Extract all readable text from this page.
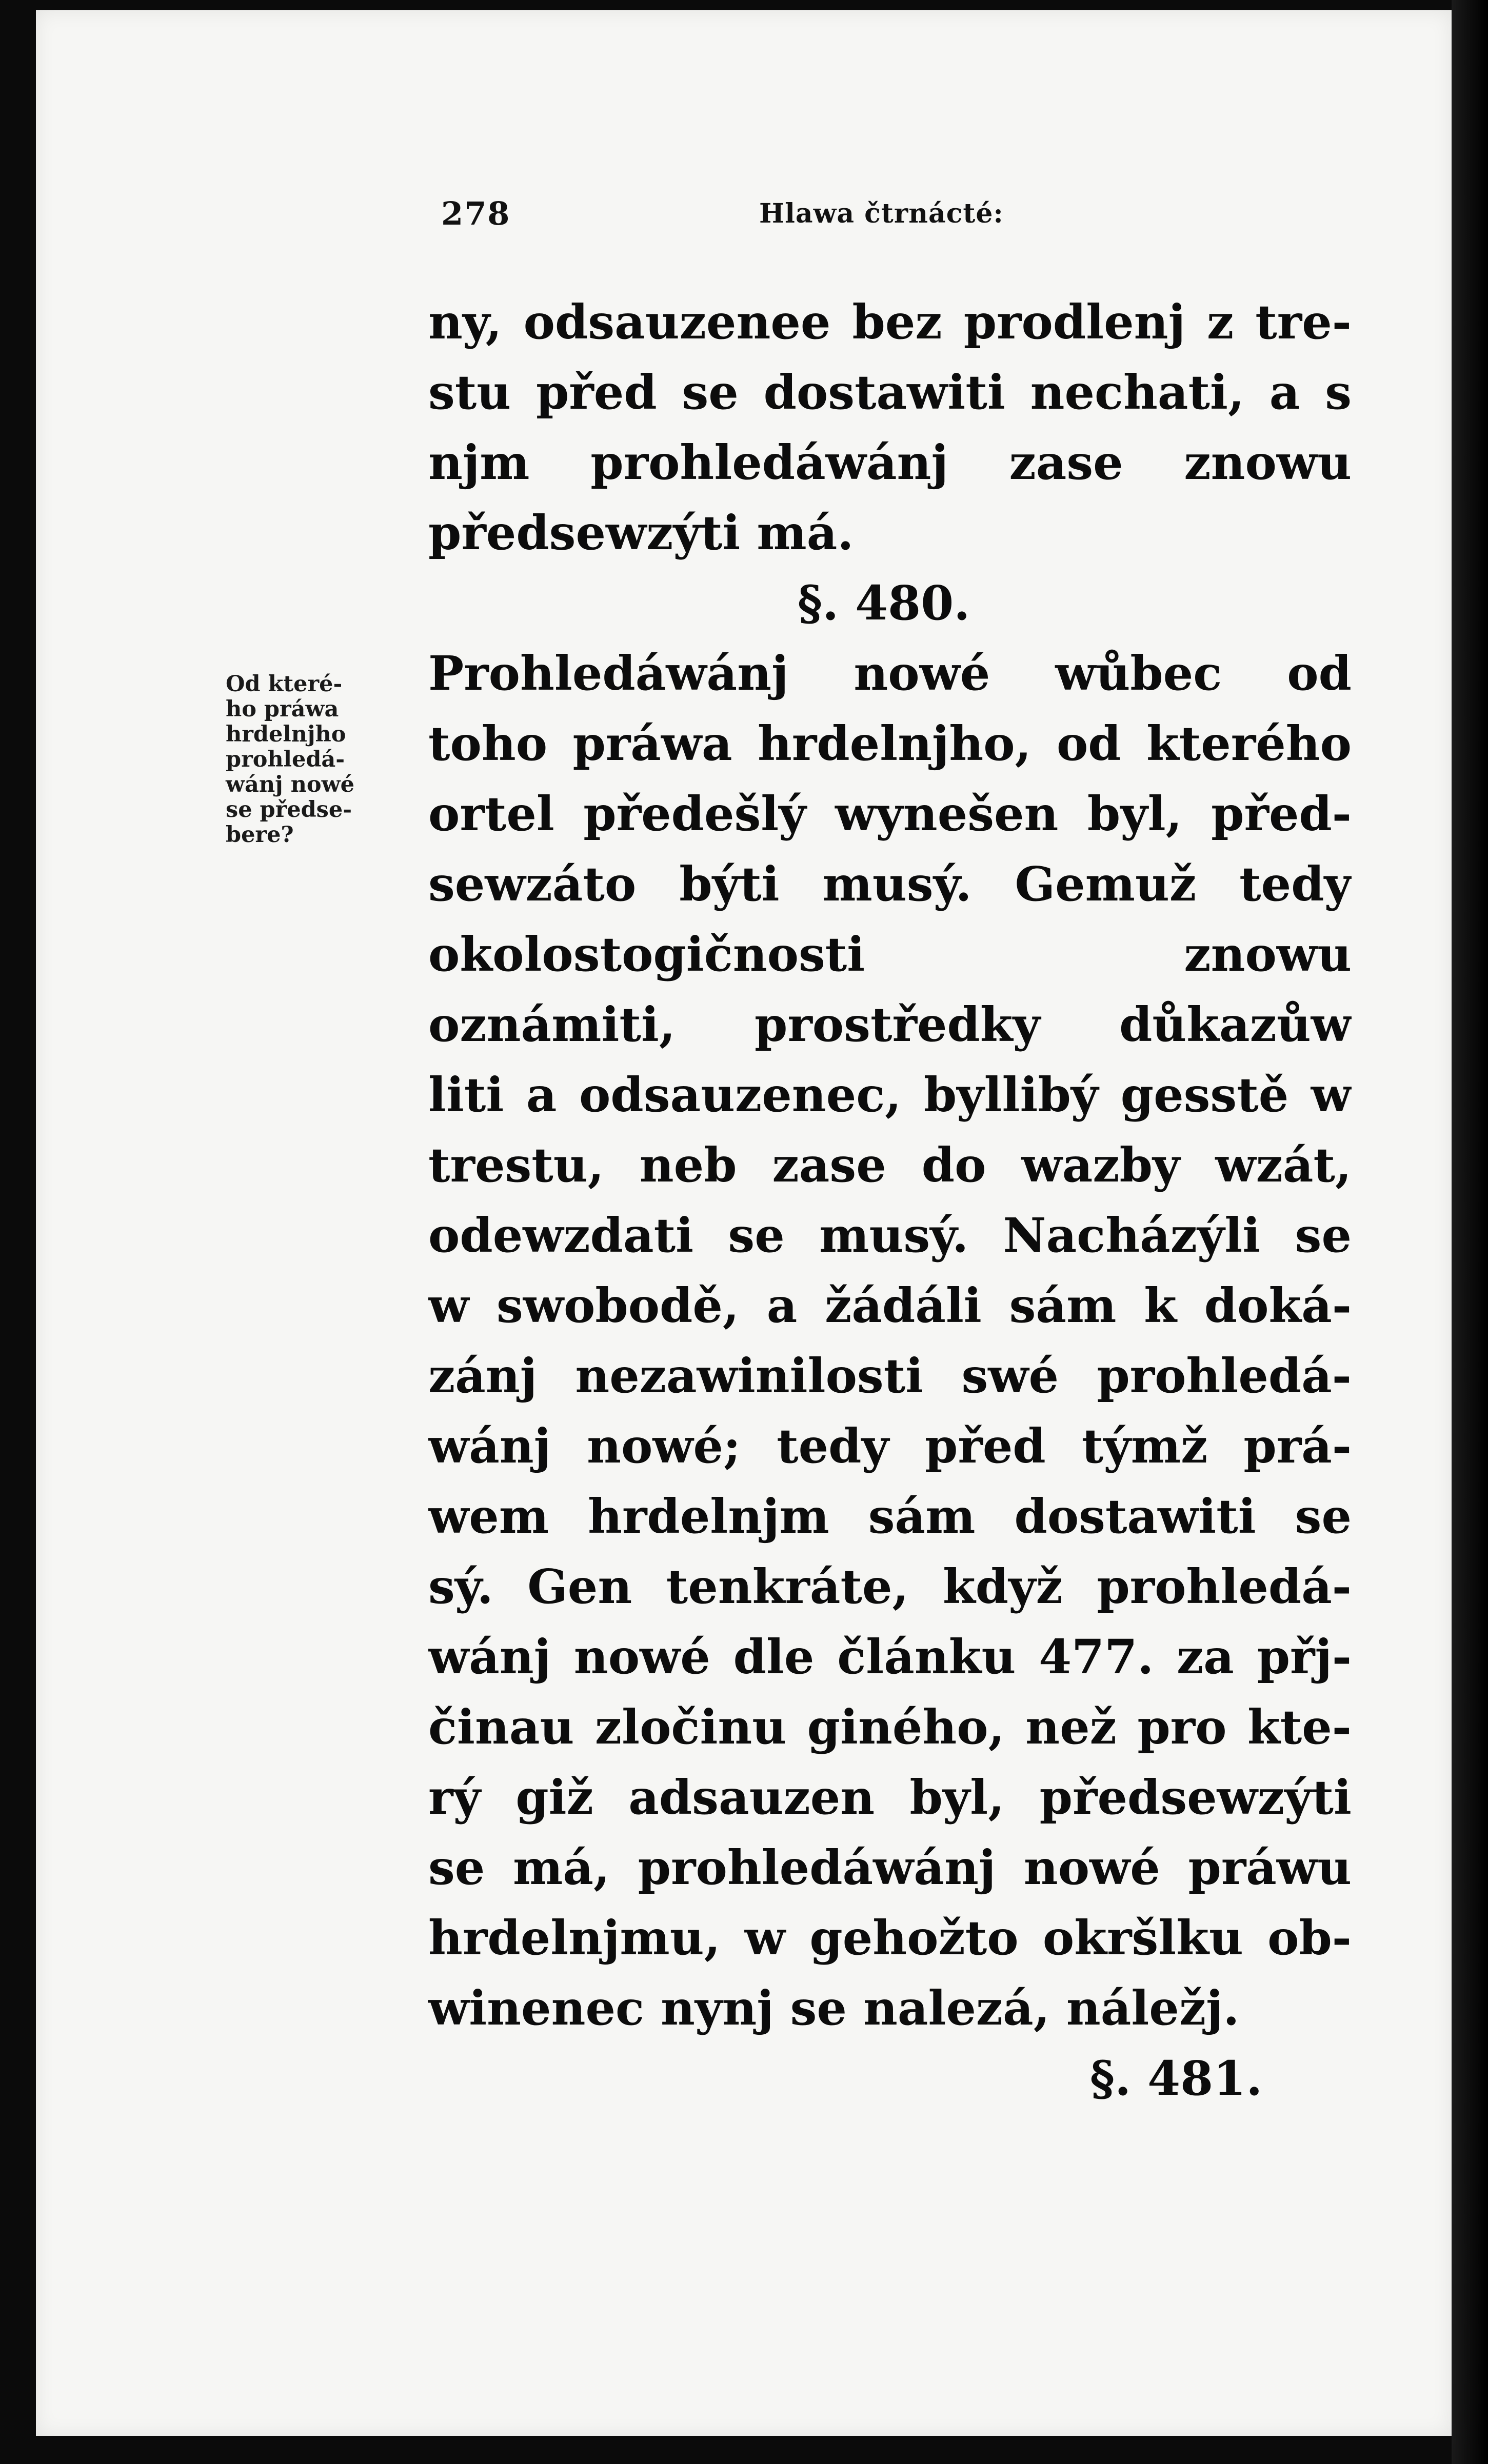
278	Hlawa čtrnácté:
Od které-
ho práwa
hrdelnjho
prohledá-
wánj nowé
se předse-
bere?
ny, odsauzenee bez prodlenj z tre-
stu před se dostawiti nechati, a s
njm prohledáwánj zase znowu
předsewzýti má.
§. 480.
Prohledáwánj nowé wůbec od
toho práwa hrdelnjho, od kterého
ortel předešlý wynešen byl, před-
sewzáto býti musý. Gemuž tedy
okolostogičnosti znowu
oznámiti, prostředky důkazůw
liti a odsauzenec, byllibý gesstě w
trestu, neb zase do wazby wzát,
odewzdati se musý. Nacházýli se
w swobodě, a žádáli sám k doká-
zánj nezawinilosti swé prohledá-
wánj nowé; tedy před týmž prá-
wem hrdelnjm sám dostawiti se
sý. Gen tenkráte, když prohledá-
wánj nowé dle článku 477. za přj-
činau zločinu giného, než pro kte-
rý giž adsauzen byl, předsewzýti
se má, prohledáwánj nowé práwu
hrdelnjmu, w gehožto okršlku ob-
winenec nynj se nalezá, náležj.
§. 481.
